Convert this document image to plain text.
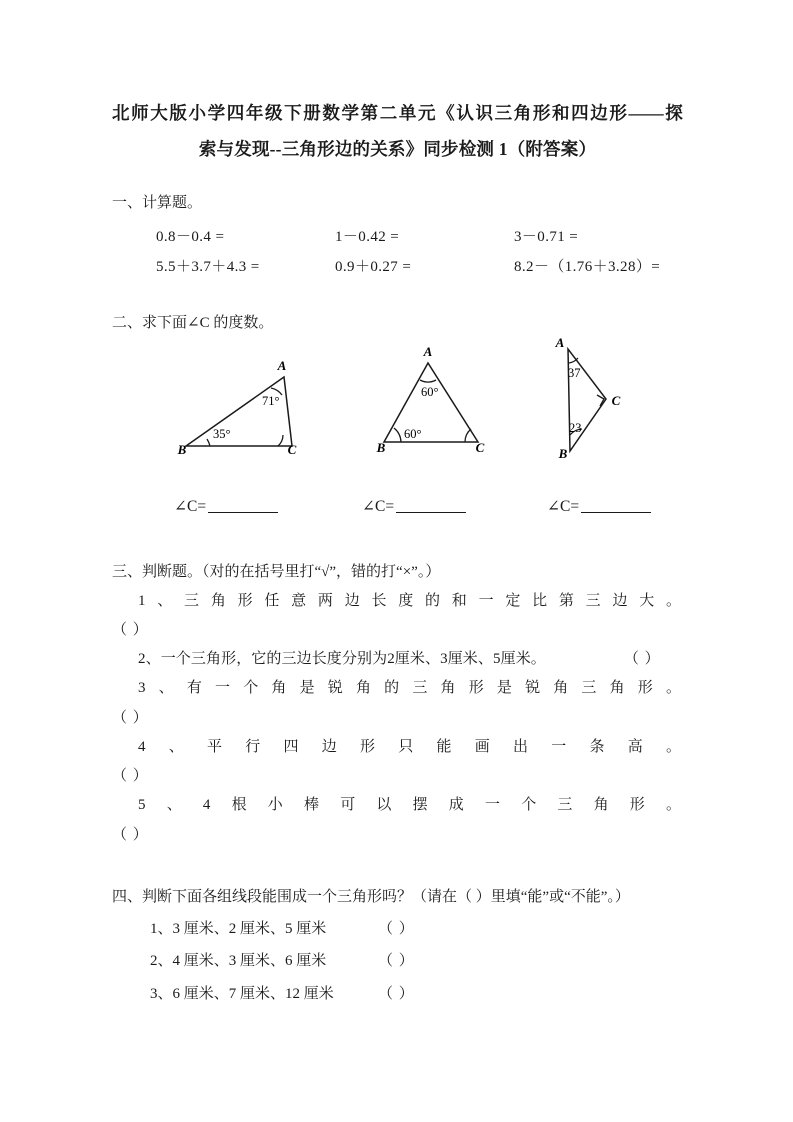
北师大版小学四年级下册数学第二单元《认识三角形和四边形——探
索与发现--三角形边的关系》同步检测 1（附答案）
一、计算题。
0.8－0.4 =	1－0.42 =	3－0.71 =
5.5＋3.7＋4.3 =	0.9＋0.27 =	8.2－（1.76＋3.28）=
二、求下面∠C 的度数。
A
B	C
71°
35°
A
B	C
60°
60°
A
B
C
37
23
∠C=	∠C=	∠C=
三、判断题。（对的在括号里打“√”，错的打“×”。）
1、三角形任意两边长度的和一定比第三边大。
（ ）
2、一个三角形，它的三边长度分别为2厘米、3厘米、5厘米。	（ ）
3、有一个角是锐角的三角形是锐角三角形。
（ ）
4、平行四边形只能画出一条高。
（ ）
5、4根小棒可以摆成一个三角形。
（ ）
四、判断下面各组线段能围成一个三角形吗？（请在（ ）里填“能”或“不能”。）
1、3 厘米、2 厘米、5 厘米	（ ）
2、4 厘米、3 厘米、6 厘米	（ ）
3、6 厘米、7 厘米、12 厘米	（ ）
